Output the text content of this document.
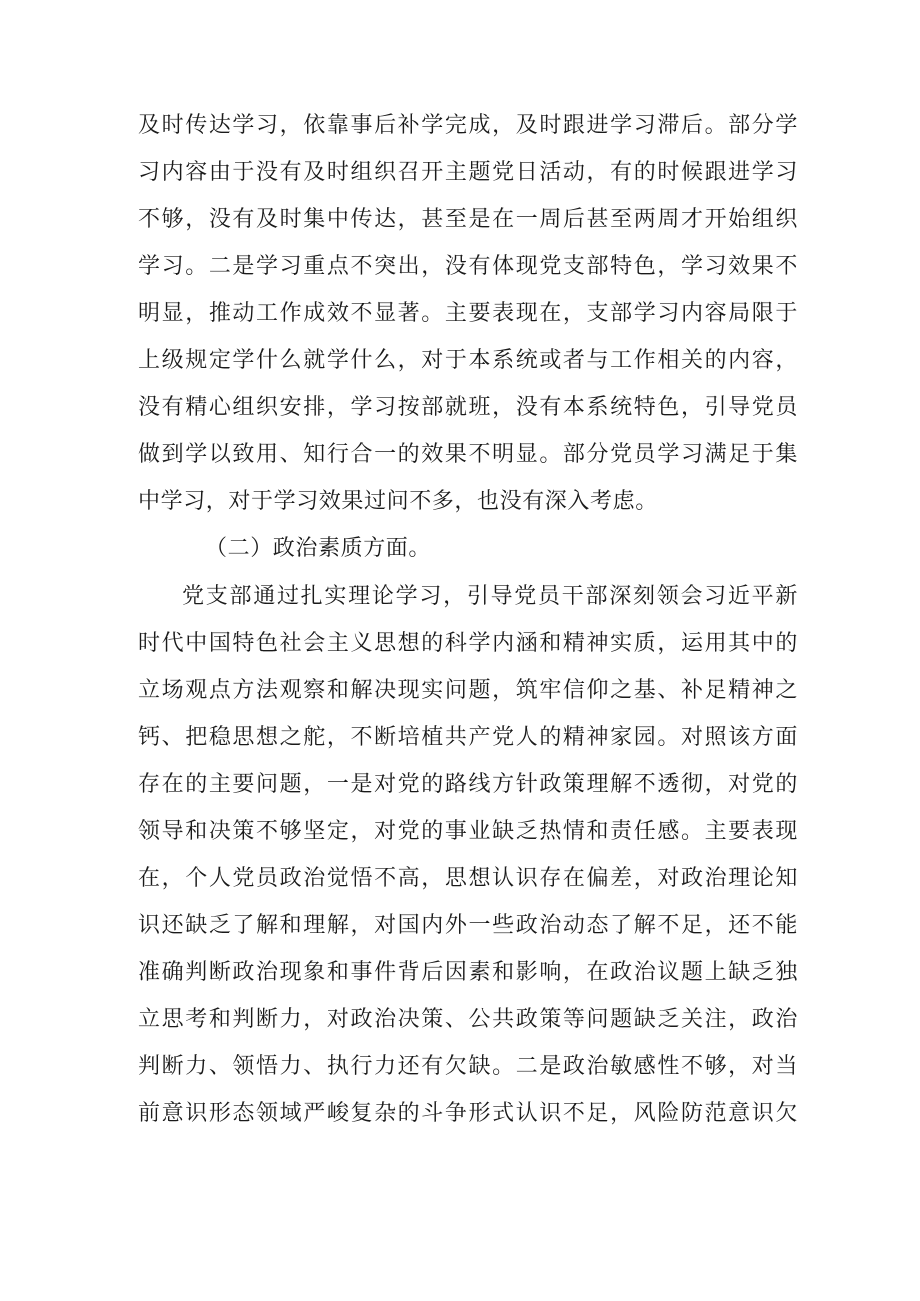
及时传达学习，依靠事后补学完成，及时跟进学习滞后。部分学

习内容由于没有及时组织召开主题党日活动，有的时候跟进学习

不够，没有及时集中传达，甚至是在一周后甚至两周才开始组织

学习。二是学习重点不突出，没有体现党支部特色，学习效果不

明显，推动工作成效不显著。主要表现在，支部学习内容局限于

上级规定学什么就学什么，对于本系统或者与工作相关的内容，

没有精心组织安排，学习按部就班，没有本系统特色，引导党员

做到学以致用、知行合一的效果不明显。部分党员学习满足于集

中学习，对于学习效果过问不多，也没有深入考虑。

（二）政治素质方面。

党支部通过扎实理论学习，引导党员干部深刻领会习近平新

时代中国特色社会主义思想的科学内涵和精神实质，运用其中的

立场观点方法观察和解决现实问题，筑牢信仰之基、补足精神之

钙、把稳思想之舵，不断培植共产党人的精神家园。对照该方面

存在的主要问题，一是对党的路线方针政策理解不透彻，对党的

领导和决策不够坚定，对党的事业缺乏热情和责任感。主要表现

在，个人党员政治觉悟不高，思想认识存在偏差，对政治理论知

识还缺乏了解和理解，对国内外一些政治动态了解不足，还不能

准确判断政治现象和事件背后因素和影响，在政治议题上缺乏独

立思考和判断力，对政治决策、公共政策等问题缺乏关注，政治

判断力、领悟力、执行力还有欠缺。二是政治敏感性不够，对当

前意识形态领域严峻复杂的斗争形式认识不足，风险防范意识欠
